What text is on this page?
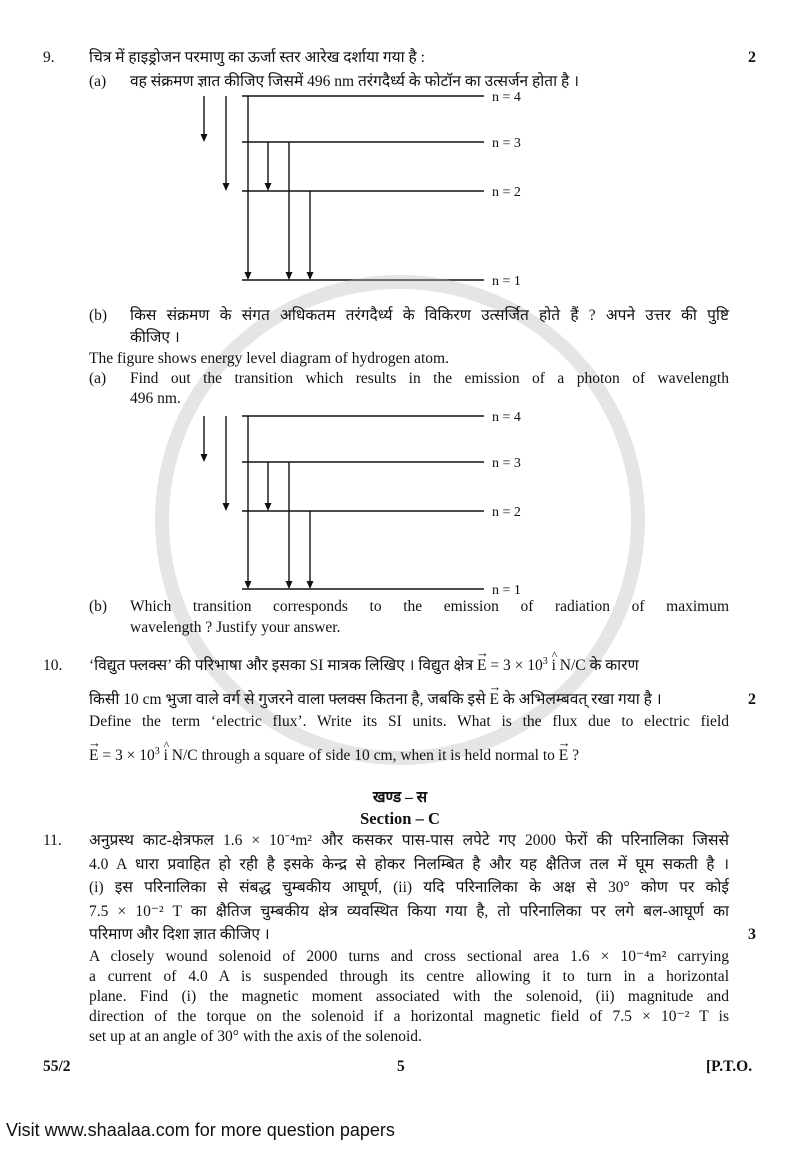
9.	चित्र में हाइड्रोजन परमाणु का ऊर्जा स्तर आरेख दर्शाया गया है :	2
(a)	वह संक्रमण ज्ञात कीजिए जिसमें 496 nm तरंगदैर्ध्य के फोटॉन का उत्सर्जन होता है ।
n = 4
n = 3
n = 2
n = 1
(b)	किस संक्रमण के संगत अधिकतम तरंगदैर्ध्य के विकिरण उत्सर्जित होते हैं ? अपने उत्तर की पुष्टि
कीजिए ।
The figure shows energy level diagram of hydrogen atom.
(a)	Find out the transition which results in the emission of a photon of wavelength
496 nm.
n = 4
n = 3
n = 2
n = 1
(b)	Which transition corresponds to the emission of radiation of maximum
wavelength ? Justify your answer.
10.	‘विद्युत फ्लक्स’ की परिभाषा और इसका SI मात्रक लिखिए । विद्युत क्षेत्र → $E = 3 \times 10^3$ ^ i N/C के कारण
किसी 10 cm भुजा वाले वर्ग से गुजरने वाला फ्लक्स कितना है, जबकि इसे → E के अभिलम्बवत् रखा गया है ।	2
Define the term ‘electric flux’. Write its SI units. What is the flux due to electric field
→ $E = 3 \times 10^3$ ^ i N/C through a square of side 10 cm, when it is held normal to → E ?
खण्ड – स
Section – C
11.	अनुप्रस्थ काट-क्षेत्रफल 1.6 × 10⁻⁴m² और कसकर पास-पास लपेटे गए 2000 फेरों की परिनालिका जिससे
4.0 A धारा प्रवाहित हो रही है इसके केन्द्र से होकर निलम्बित है और यह क्षैतिज तल में घूम सकती है ।
(i) इस परिनालिका से संबद्ध चुम्बकीय आघूर्ण, (ii) यदि परिनालिका के अक्ष से 30° कोण पर कोई
7.5 × 10⁻² T का क्षैतिज चुम्बकीय क्षेत्र व्यवस्थित किया गया है, तो परिनालिका पर लगे बल-आघूर्ण का
परिमाण और दिशा ज्ञात कीजिए ।	3
A closely wound solenoid of 2000 turns and cross sectional area 1.6 × 10⁻⁴m² carrying
a current of 4.0 A is suspended through its centre allowing it to turn in a horizontal
plane. Find (i) the magnetic moment associated with the solenoid, (ii) magnitude and
direction of the torque on the solenoid if a horizontal magnetic field of 7.5 × 10⁻² T is
set up at an angle of 30° with the axis of the solenoid.
55/2	5	[P.T.O.
Visit www.shaalaa.com for more question papers
